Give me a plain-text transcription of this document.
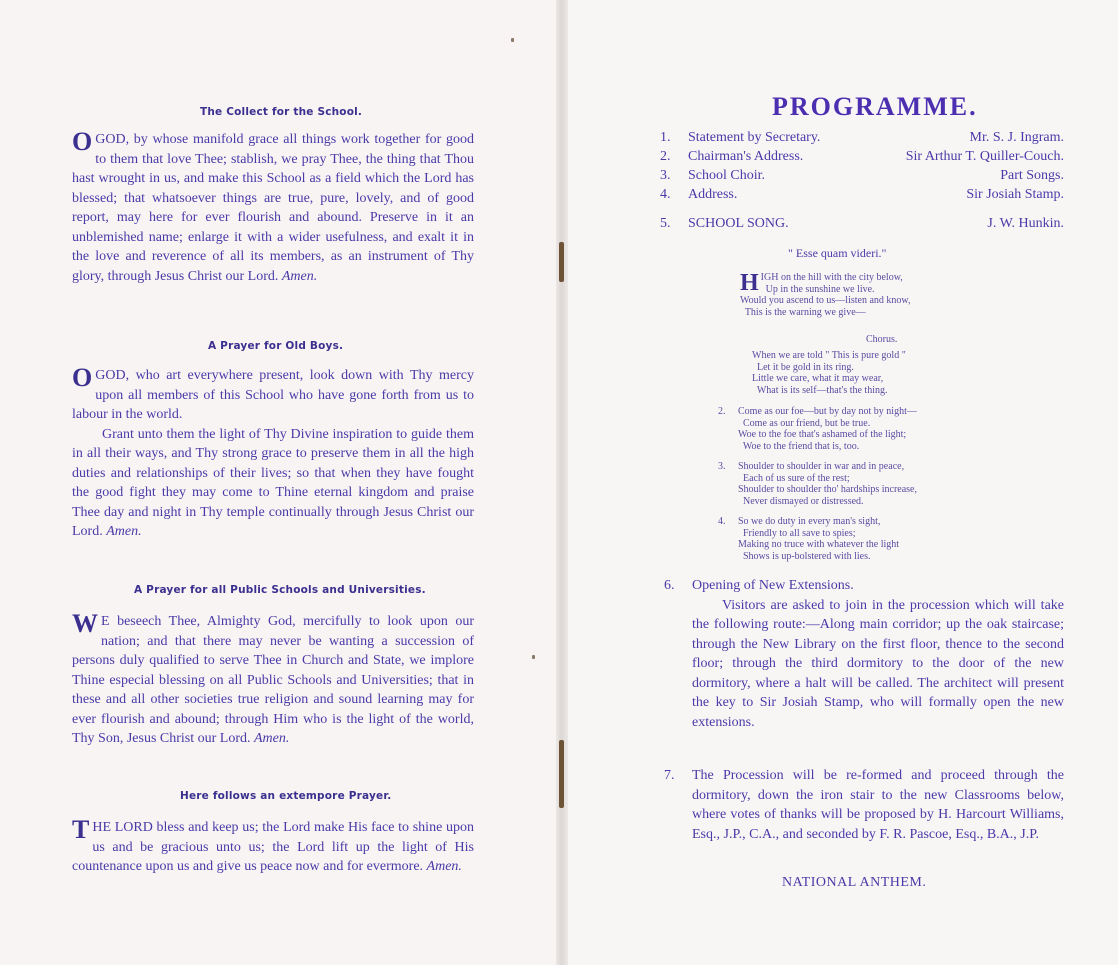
The Collect for the School.
OGOD, by whose manifold grace all things work together for good to them that love Thee; stablish, we pray Thee, the thing that Thou hast wrought in us, and make this School as a field which the Lord has blessed; that whatsoever things are true, pure, lovely, and of good report, may here for ever flourish and abound. Preserve in it an unblemished name; enlarge it with a wider usefulness, and exalt it in the love and reverence of all its members, as an instrument of Thy glory, through Jesus Christ our Lord. Amen.
A Prayer for Old Boys.
OGOD, who art everywhere present, look down with Thy mercy upon all members of this School who have gone forth from us to labour in the world.
Grant unto them the light of Thy Divine inspiration to guide them in all their ways, and Thy strong grace to preserve them in all the high duties and relationships of their lives; so that when they have fought the good fight they may come to Thine eternal kingdom and praise Thee day and night in Thy temple continually through Jesus Christ our Lord. Amen.
A Prayer for all Public Schools and Universities.
W E beseech Thee, Almighty God, mercifully to look upon our nation; and that there may never be wanting a succession of persons duly qualified to serve Thee in Church and State, we implore Thine especial blessing on all Public Schools and Universities; that in these and all other societies true religion and sound learning may for ever flourish and abound; through Him who is the light of the world, Thy Son, Jesus Christ our Lord. Amen.
Here follows an extempore Prayer.
THE LORD bless and keep us; the Lord make His face to shine upon us and be gracious unto us; the Lord lift up the light of His countenance upon us and give us peace now and for evermore. Amen.
PROGRAMME.
1. Statement by Secretary.	Mr. S. J. Ingram.
2. Chairman's Address.	Sir Arthur T. Quiller-Couch.
3. School Choir.	Part Songs.
4. Address.	Sir Josiah Stamp.
5. SCHOOL SONG.	J. W. Hunkin.
" Esse quam videri."
HIGH on the hill with the city below,
Up in the sunshine we live.
Would you ascend to us—listen and know,
This is the warning we give—
Chorus.
When we are told " This is pure gold "
Let it be gold in its ring.
Little we care, what it may wear,
What is its self—that's the thing.
2. Come as our foe—but by day not by night—
Come as our friend, but be true.
Woe to the foe that's ashamed of the light;
Woe to the friend that is, too.
3. Shoulder to shoulder in war and in peace,
Each of us sure of the rest;
Shoulder to shoulder tho' hardships increase,
Never dismayed or distressed.
4. So we do duty in every man's sight,
Friendly to all save to spies;
Making no truce with whatever the light
Shows is up-bolstered with lies.
6. Opening of New Extensions.
Visitors are asked to join in the procession which will take the following route:—Along main corridor; up the oak staircase; through the New Library on the first floor, thence to the second floor; through the third dormitory to the door of the new dormitory, where a halt will be called. The architect will present the key to Sir Josiah Stamp, who will formally open the new extensions.
7. The Procession will be re-formed and proceed through the dormitory, down the iron stair to the new Classrooms below, where votes of thanks will be proposed by H. Harcourt Williams, Esq., J.P., C.A., and seconded by F. R. Pascoe, Esq., B.A., J.P.
NATIONAL ANTHEM.
